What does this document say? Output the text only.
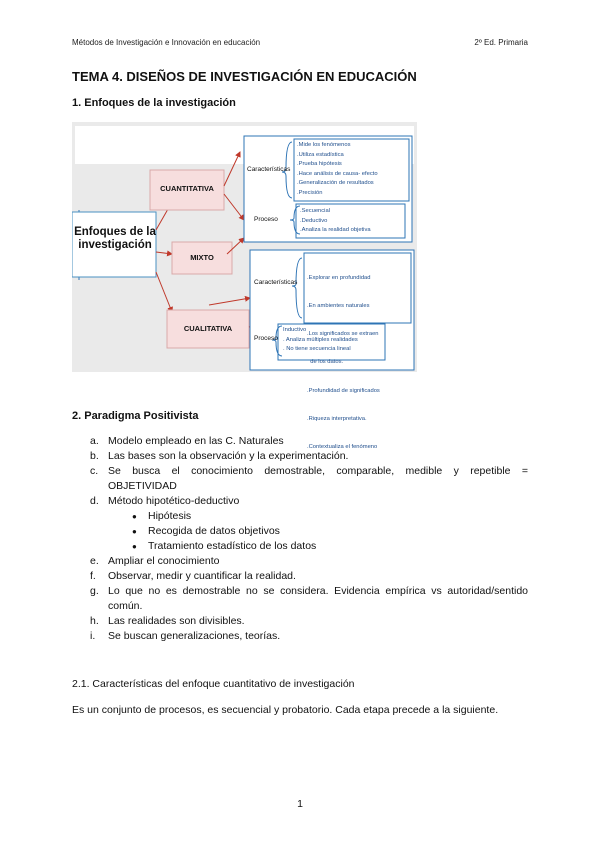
Métodos de Investigación e Innovación en educación	2º Ed. Primaria
TEMA 4. DISEÑOS DE INVESTIGACIÓN EN EDUCACIÓN
1. Enfoques de la investigación
Enfoques de la investigación
CUANTITATIVA
MIXTO
CUALITATIVA
Características
Proceso
.Mide los fenómenos
.Utiliza estadística
.Prueba hipótesis
.Hace análisis de causa- efecto
.Generalización de resultados
.Precisión
.Secuencial
.Deductivo
.Analiza la realidad objetiva
Características
Proceso

.Explorar en profundidad

.En ambientes naturales

.Los significados se extraen

de los datos.

.Profundidad de significados

.Riqueza interpretativa.

.Contextualiza el fenómeno

Inductivo
. Analiza múltiples realidades
. No tiene secuencia lineal
2. Paradigma Positivista
a. Modelo empleado en las C. Naturales
b. Las bases son la observación y la experimentación.
c. Se busca el conocimiento demostrable, comparable, medible y repetible =
OBJETIVIDAD
d. Método hipotético-deductivo
●	Hipótesis
●	Recogida de datos objetivos
●	Tratamiento estadístico de los datos
e. Ampliar el conocimiento
f.	Observar, medir y cuantificar la realidad.
g. Lo que no es demostrable no se considera. Evidencia empírica vs autoridad/sentido
común.
h. Las realidades son divisibles.
i.	Se buscan generalizaciones, teorías.
2.1. Características del enfoque cuantitativo de investigación
Es un conjunto de procesos, es secuencial y probatorio. Cada etapa precede a la siguiente.
1
